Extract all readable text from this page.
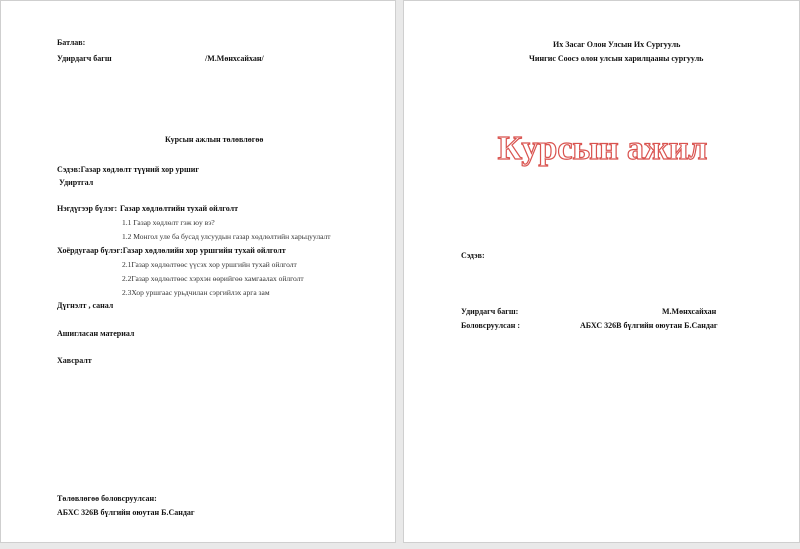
Батлав:
Удирдагч багш	/М.Мөнхсайхан/
Курсын ажлын төлөвлөгөө
Сэдэв:Газар хөдлөлт түүний хор уршиг
Удиртгал
Нэгдүгээр бүлэг: Газар хөдлөлтийн тухай ойлголт
1.1 Газар хөдлөлт гэж юу вэ?
1.2 Монгол уле ба бусад улсуудын газар хөдлөлтийн харьцуулалт
Хоёрдугаар бүлэг:Газар хөдлөлийн хор уршгийн тухай ойлголт
2.1Газар хөдлөлтөөс үүсэх хор уршгийн тухай ойлголт
2.2Газар хөдлөлтөөс хэрхэн өөрийгөө хамгаалах ойлголт
2.3Хор уршгаас урьдчилан сэргийлэх арга зам
Дүгнэлт , санал
Ашигласан материал
Хавсралт
Төлөвлөгөө боловсруулсан:
АБХС 326В бүлгийн оюутан Б.Сандаг
Их Засаг Олон Улсын Их Сургууль
Чингис Соосэ олон улсын харилцааны сургууль
Курсын ажил
Сэдэв:
Удирдагч багш:	М.Мөнхсайхан
Боловсруулсан :	АБХС 326В бүлгийн оюутан Б.Сандаг
